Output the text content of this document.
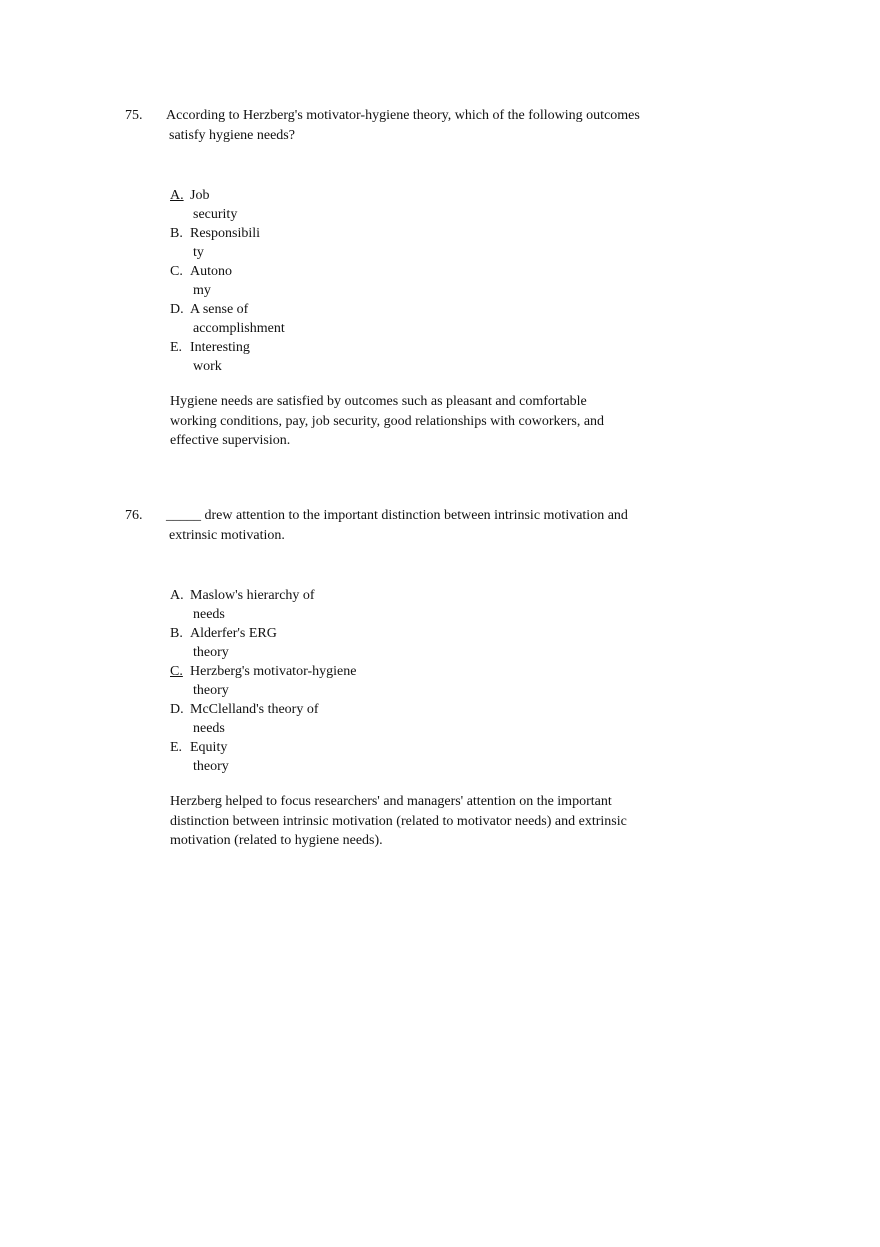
75. According to Herzberg's motivator-hygiene theory, which of the following outcomes
satisfy hygiene needs?
A. Job
security
B. Responsibili
ty
C. Autono
my
D. A sense of
accomplishment
E. Interesting
work
Hygiene needs are satisfied by outcomes such as pleasant and comfortable
working conditions, pay, job security, good relationships with coworkers, and
effective supervision.
76. _____ drew attention to the important distinction between intrinsic motivation and
extrinsic motivation.
A. Maslow's hierarchy of
needs
B. Alderfer's ERG
theory
C. Herzberg's motivator-hygiene
theory
D. McClelland's theory of
needs
E. Equity
theory
Herzberg helped to focus researchers' and managers' attention on the important
distinction between intrinsic motivation (related to motivator needs) and extrinsic
motivation (related to hygiene needs).
